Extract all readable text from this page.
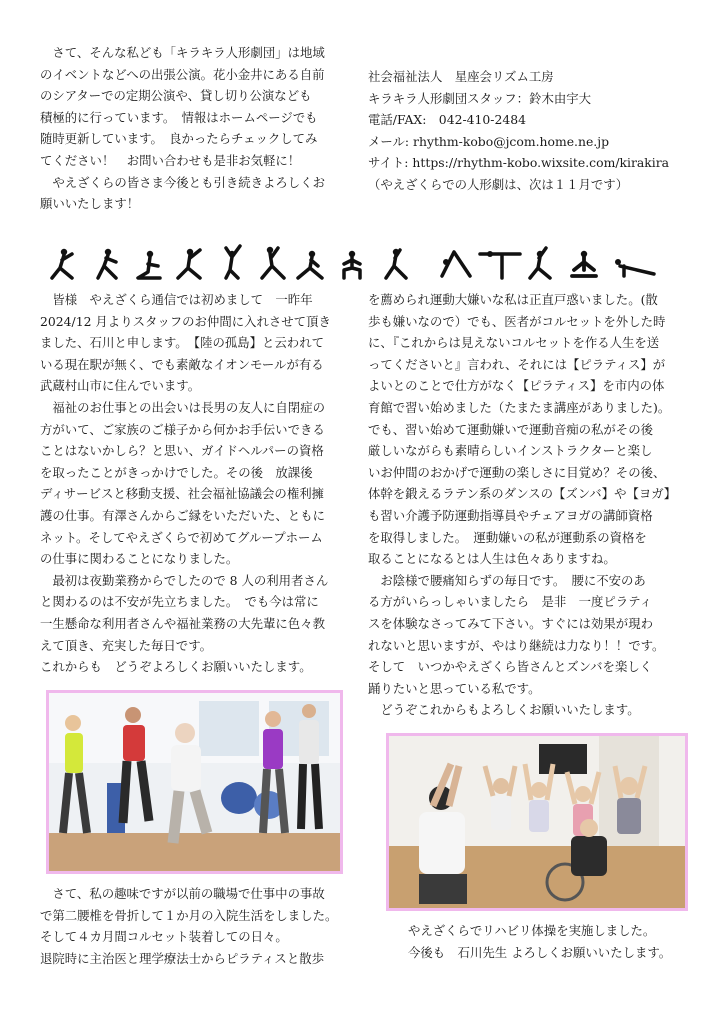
　さて、そんな私ども「キラキラ人形劇団」は地域

のイベントなどへの出張公演。花小金井にある自前

のシアターでの定期公演や、貸し切り公演なども

積極的に行っています。　情報はホームページでも

随時更新しています。　良かったらチェックしてみ

てください！　お問い合わせも是非お気軽に！

　やえざくらの皆さま今後とも引き続きよろしくお

願いいたします！

社会福祉法人　星座会リズム工房

キラキラ人形劇団スタッフ：鈴木由宇大

電話/FAX:　042-410-2484

メール: rhythm-kobo@jcom.home.ne.jp

サイト: https://rhythm-kobo.wixsite.com/kirakira

（やえざくらでの人形劇は、次は１１月です）

　皆様　やえざくら通信では初めまして　一昨年

2024/12 月よりスタッフのお仲間に入れさせて頂き

ました、石川と申します。　【陸の孤島】と云われて

いる現在駅が無く、でも素敵なイオンモールが有る

武蔵村山市に住んでいます。

　福祉のお仕事との出会いは長男の友人に自閉症の

方がいて、ご家族のご様子から何かお手伝いできる

ことはないかしら？と思い、ガイドヘルパーの資格

を取ったことがきっかけでした。その後　放課後

ディサービスと移動支援、社会福祉協議会の権利擁

護の仕事。有澤さんからご縁をいただいた、ともに

ネット。そしてやえざくらで初めてグループホーム

の仕事に関わることになりました。

　最初は夜勤業務からでしたので 8 人の利用者さん

と関わるのは不安が先立ちました。　でも今は常に

一生懸命な利用者さんや福祉業務の大先輩に色々教

えて頂き、充実した毎日です。

これからも　どうぞよろしくお願いいたします。

を薦められ運動大嫌いな私は正直戸惑いました。(散

歩も嫌いなので）でも、医者がコルセットを外した時

に、『これからは見えないコルセットを作る人生を送

ってくださいと』言われ、それには【ピラティス】が

よいとのことで仕方がなく【ピラティス】を市内の体

育館で習い始めました（たまたま講座がありました)。

でも、習い始めて運動嫌いで運動音痴の私がその後

厳しいながらも素晴らしいインストラクターと楽し

いお仲間のおかげで運動の楽しさに目覚め？その後、

体幹を鍛えるラテン系のダンスの【ズンバ】や【ヨガ】

も習い介護予防運動指導員やチェアヨガの講師資格

を取得しました。　運動嫌いの私が運動系の資格を

取ることになるとは人生は色々ありますね。

　お陰様で腰痛知らずの毎日です。　腰に不安のあ

る方がいらっしゃいましたら　是非　一度ピラティ

スを体験なさってみて下さい。すぐには効果が現わ

れないと思いますが、やはり継続は力なり！！です。

そして　いつかやえざくら皆さんとズンバを楽しく

踊りたいと思っている私です。

　どうぞこれからもよろしくお願いいたします。

　さて、私の趣味ですが以前の職場で仕事中の事故

で第二腰椎を骨折して１か月の入院生活をしました。

そして４カ月間コルセット装着しての日々。

退院時に主治医と理学療法士からピラティスと散歩

やえざくらでリハビリ体操を実施しました。

今後も　石川先生 よろしくお願いいたします。
